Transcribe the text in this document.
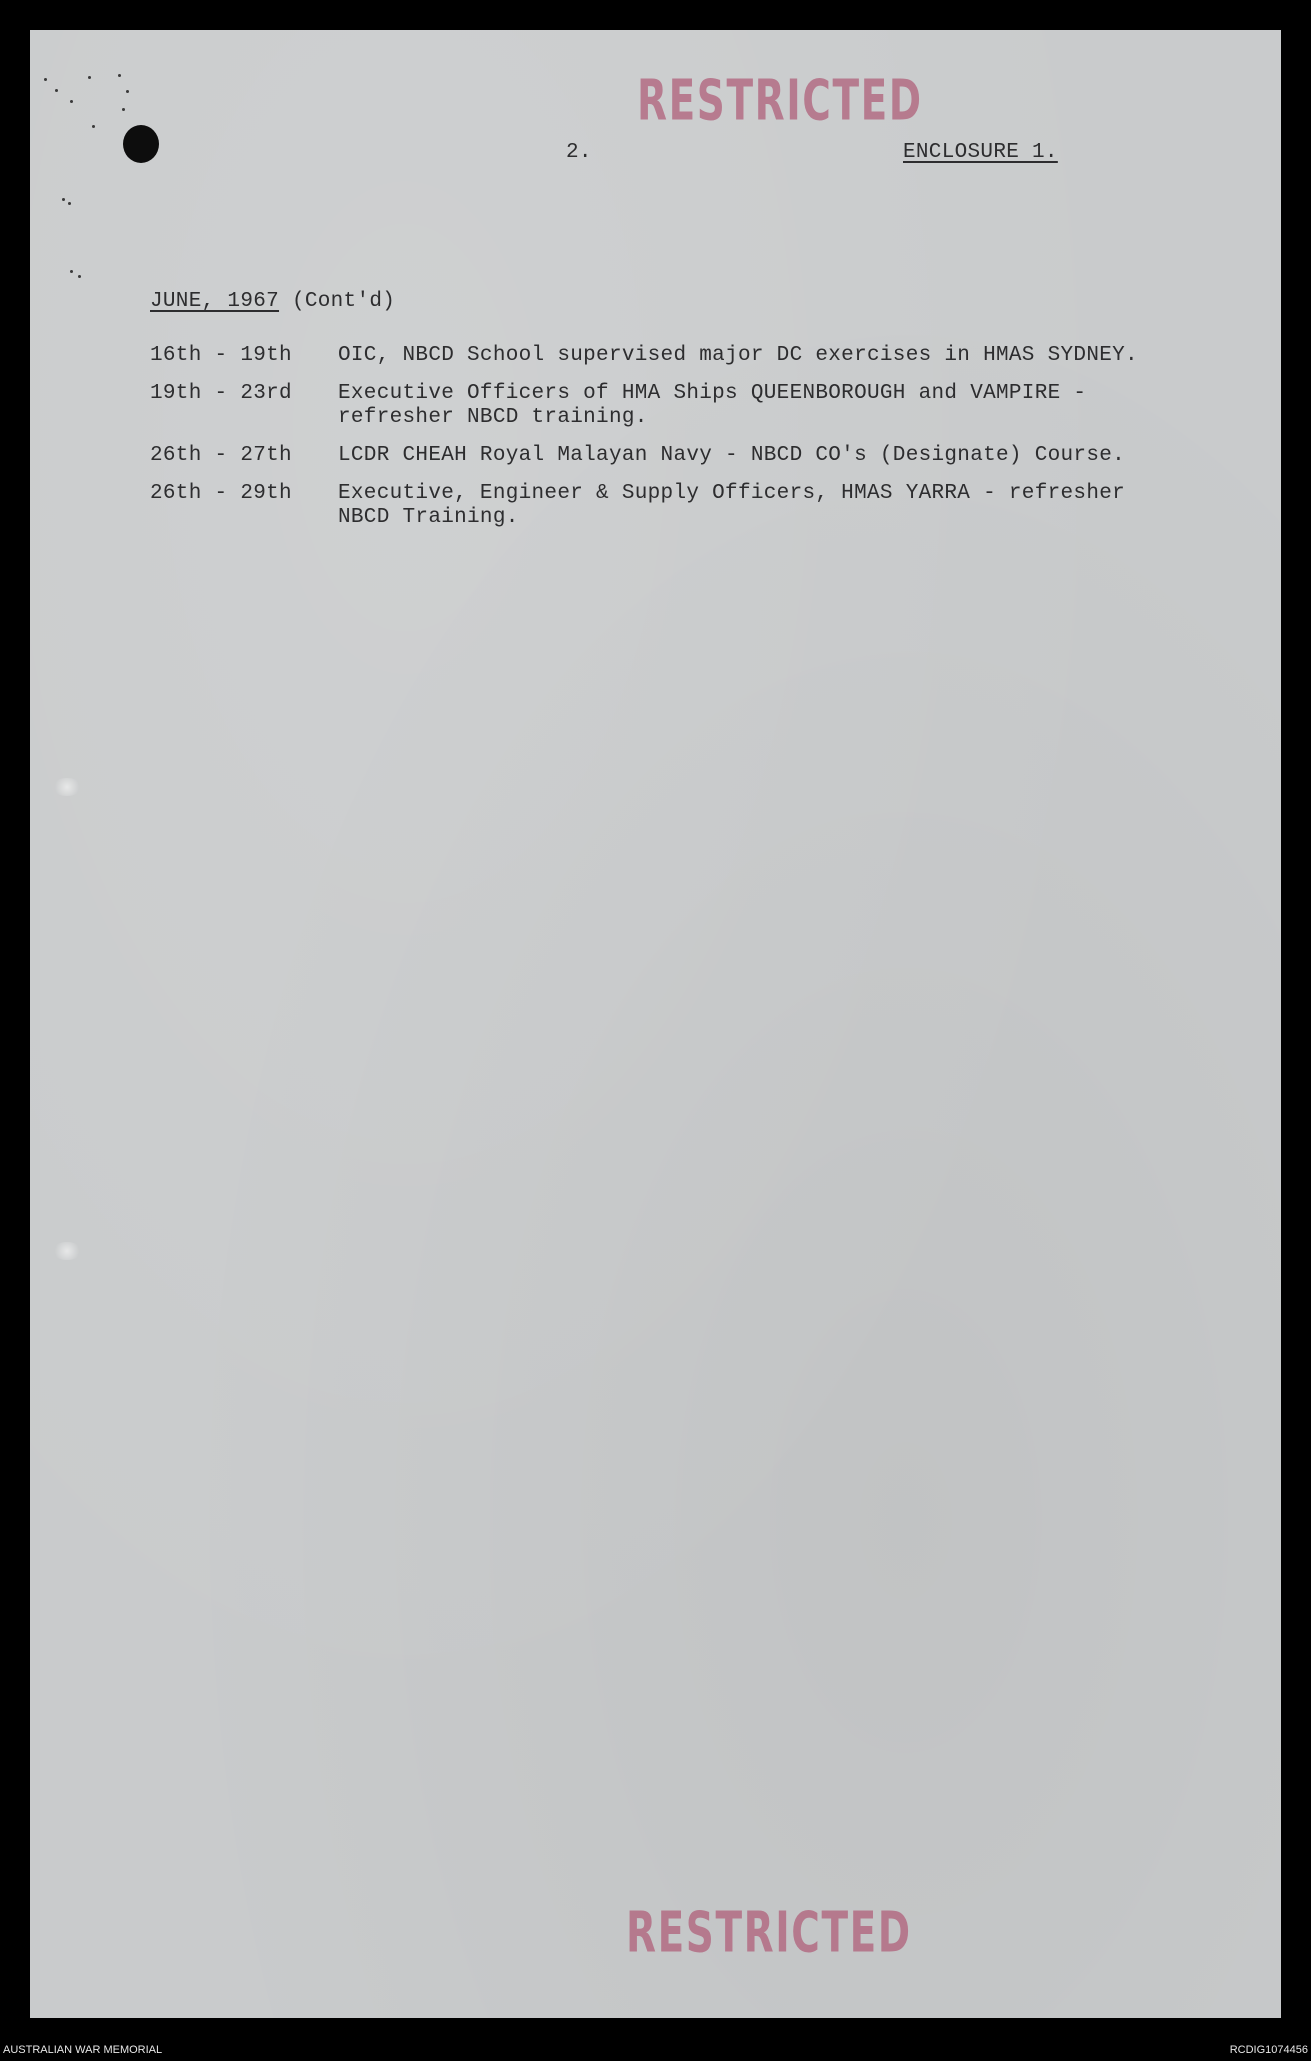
RESTRICTED
2.	ENCLOSURE 1.
JUNE, 1967 (Cont'd)
16th - 19th OIC, NBCD School supervised major DC exercises in HMAS SYDNEY.
19th - 23rd Executive Officers of HMA Ships QUEENBOROUGH and VAMPIRE -
refresher NBCD training.
26th - 27th LCDR CHEAH Royal Malayan Navy - NBCD CO's (Designate) Course.
26th - 29th Executive, Engineer & Supply Officers, HMAS YARRA - refresher
NBCD Training.
RESTRICTED
AUSTRALIAN WAR MEMORIAL	RCDIG1074456
